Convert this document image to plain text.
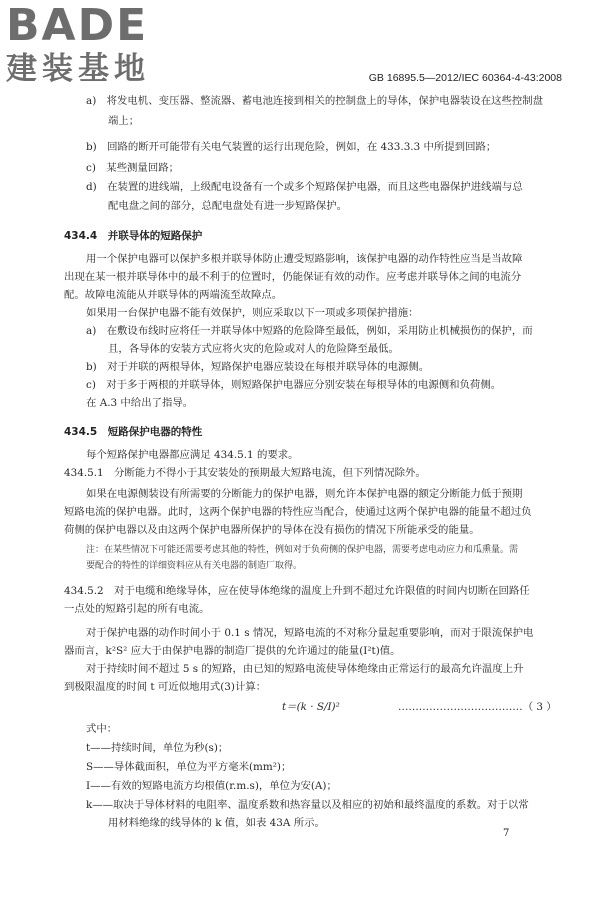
BADE
建装基地	GB 16895.5—2012/IEC 60364-4-43:2008
a)　将发电机、变压器、整流器、蓄电池连接到相关的控制盘上的导体，保护电器装设在这些控制盘
端上；
b)　回路的断开可能带有关电气装置的运行出现危险，例如，在 433.3.3 中所提到回路；
c)　某些测量回路；
d)　在装置的进线端，上级配电设备有一个或多个短路保护电器，而且这些电器保护进线端与总
配电盘之间的部分，总配电盘处有进一步短路保护。
434.4　并联导体的短路保护
用一个保护电器可以保护多根并联导体防止遭受短路影响，该保护电器的动作特性应当是当故障
出现在某一根并联导体中的最不利于的位置时，仍能保证有效的动作。应考虑并联导体之间的电流分
配。故障电流能从并联导体的两端流至故障点。
如果用一台保护电器不能有效保护，则应采取以下一项或多项保护措施：
a)　在敷设布线时应将任一并联导体中短路的危险降至最低，例如，采用防止机械损伤的保护，而
且，各导体的安装方式应将火灾的危险或对人的危险降至最低。
b)　对于并联的两根导体，短路保护电器应装设在每根并联导体的电源侧。
c)　对于多于两根的并联导体，则短路保护电器应分别安装在每根导体的电源侧和负荷侧。
在 A.3 中给出了指导。
434.5　短路保护电器的特性
每个短路保护电器都应满足 434.5.1 的要求。
434.5.1　分断能力不得小于其安装处的预期最大短路电流，但下列情况除外。
如果在电源侧装设有所需要的分断能力的保护电器，则允许本保护电器的额定分断能力低于预期
短路电流的保护电器。此时，这两个保护电器的特性应当配合，使通过这两个保护电器的能量不超过负
荷侧的保护电器以及由这两个保护电器所保护的导体在没有损伤的情况下所能承受的能量。
注：在某些情况下可能还需要考虑其他的特性，例如对于负荷侧的保护电器，需要考虑电动应力和瓜熏量。需
要配合的特性的详细资料应从有关电器的制造厂取得。
434.5.2　对于电缆和绝缘导体，应在使导体绝缘的温度上升到不超过允许限值的时间内切断在回路任
一点处的短路引起的所有电流。
对于保护电器的动作时间小于 0.1 s 情况，短路电流的不对称分量起重要影响，而对于限流保护电
器而言，k²S² 应大于由保护电器的制造厂提供的允许通过的能量(I²t)值。
对于持续时间不超过 5 s 的短路，由已知的短路电流使导体绝缘由正常运行的最高允许温度上升
到极限温度的时间 t 可近似地用式(3)计算：
t＝(k · S/I)²	………………………………（ 3 ）
式中：
t——持续时间，单位为秒(s)；
S——导体截面积，单位为平方毫米(mm²)；
I——有效的短路电流方均根值(r.m.s)，单位为安(A)；
k——取决于导体材料的电阻率、温度系数和热容量以及相应的初始和最终温度的系数。对于以常
用材料绝缘的线导体的 k 值，如表 43A 所示。
7
